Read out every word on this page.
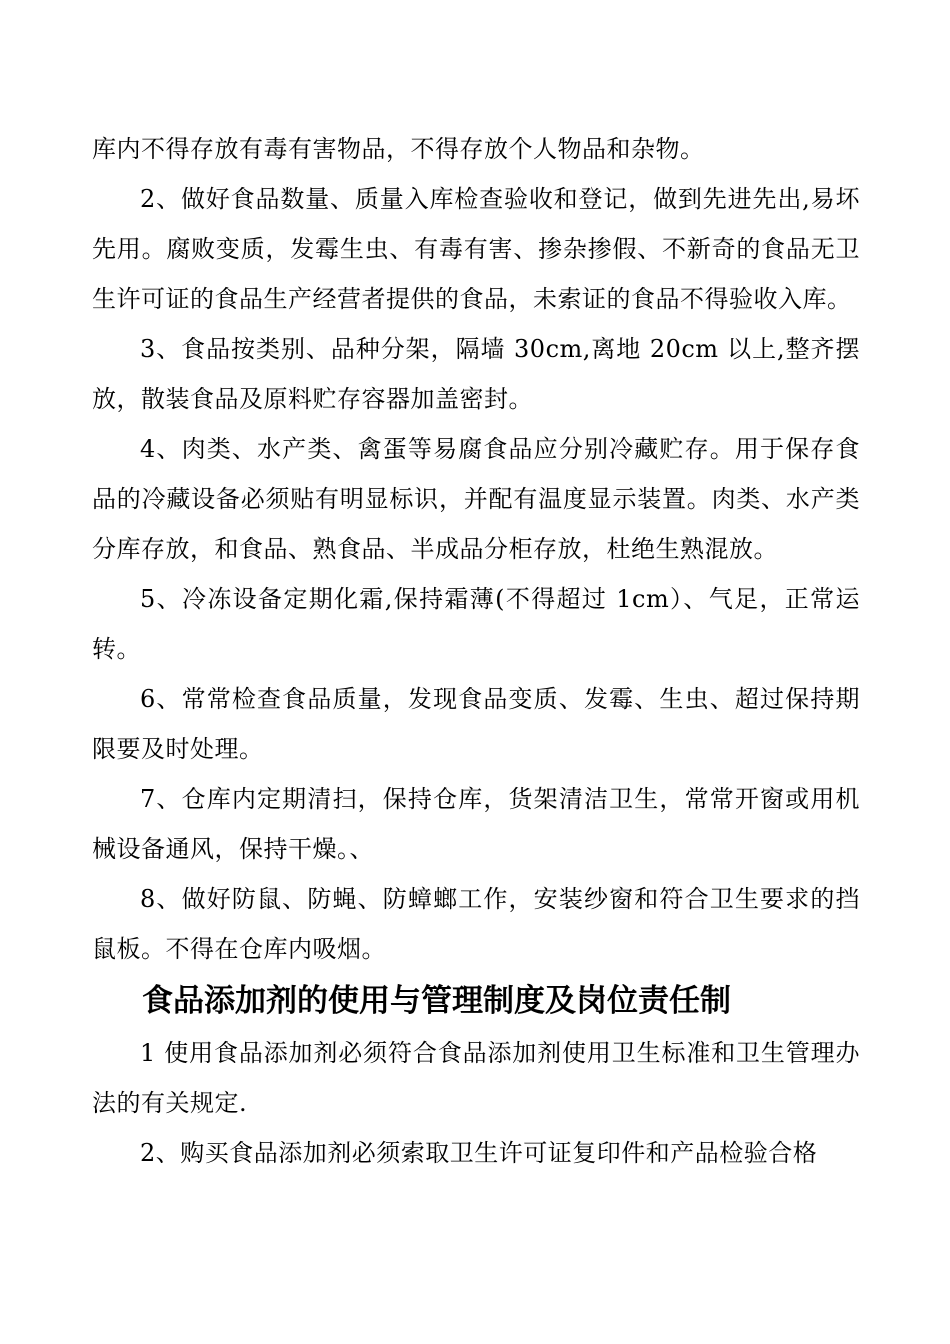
库内不得存放有毒有害物品，不得存放个人物品和杂物。

2、做好食品数量、质量入库检查验收和登记，做到先进先出,易坏先用。腐败变质，发霉生虫、有毒有害、掺杂掺假、不新奇的食品无卫生许可证的食品生产经营者提供的食品，未索证的食品不得验收入库。

3、食品按类别、品种分架，隔墙 30cm,离地 20cm 以上,整齐摆放，散装食品及原料贮存容器加盖密封。

4、肉类、水产类、禽蛋等易腐食品应分别冷藏贮存。用于保存食品的冷藏设备必须贴有明显标识，并配有温度显示装置。肉类、水产类分库存放，和食品、熟食品、半成品分柜存放，杜绝生熟混放。

5、冷冻设备定期化霜,保持霜薄(不得超过 1cm）、气足，正常运转。

6、常常检查食品质量，发现食品变质、发霉、生虫、超过保持期限要及时处理。

7、仓库内定期清扫，保持仓库，货架清洁卫生，常常开窗或用机械设备通风，保持干燥。、

8、做好防鼠、防蝇、防蟑螂工作，安装纱窗和符合卫生要求的挡鼠板。不得在仓库内吸烟。

食品添加剂的使用与管理制度及岗位责任制

1 使用食品添加剂必须符合食品添加剂使用卫生标准和卫生管理办法的有关规定.

2、购买食品添加剂必须索取卫生许可证复印件和产品检验合格
